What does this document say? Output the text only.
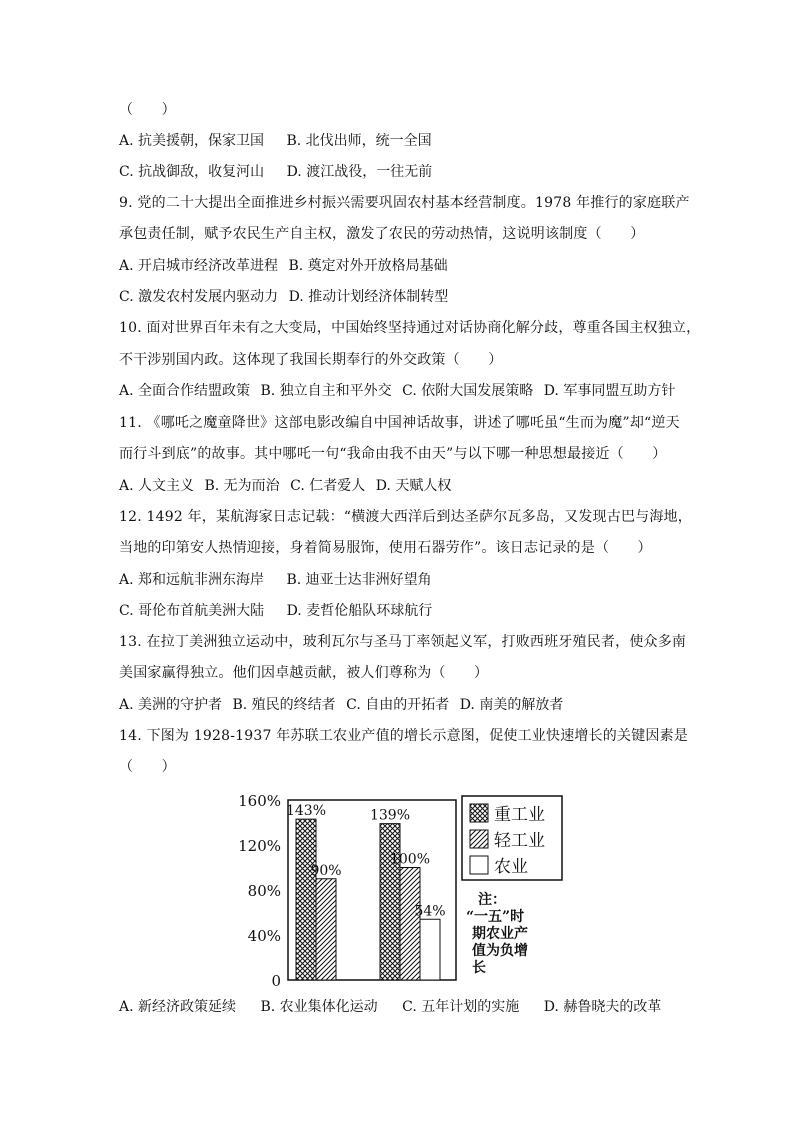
（　　）
A. 抗美援朝，保家卫国 B. 北伐出师，统一全国
C. 抗战御敌，收复河山 D. 渡江战役，一往无前
9. 党的二十大提出全面推进乡村振兴需要巩固农村基本经营制度。1978 年推行的家庭联产
承包责任制，赋予农民生产自主权，激发了农民的劳动热情，这说明该制度（　　）
A. 开启城市经济改革进程 B. 奠定对外开放格局基础
C. 激发农村发展内驱动力 D. 推动计划经济体制转型
10. 面对世界百年未有之大变局，中国始终坚持通过对话协商化解分歧，尊重各国主权独立，
不干涉别国内政。这体现了我国长期奉行的外交政策（　　）
A. 全面合作结盟政策 B. 独立自主和平外交 C. 依附大国发展策略 D. 军事同盟互助方针
11. 《哪吒之魔童降世》这部电影改编自中国神话故事，讲述了哪吒虽“生而为魔”却“逆天
而行斗到底”的故事。其中哪吒一句“我命由我不由天”与以下哪一种思想最接近（　　）
A. 人文主义 B. 无为而治 C. 仁者爱人 D. 天赋人权
12. 1492 年，某航海家日志记载：“横渡大西洋后到达圣萨尔瓦多岛，又发现古巴与海地，
当地的印第安人热情迎接，身着简易服饰，使用石器劳作”。该日志记录的是（　　）
A. 郑和远航非洲东海岸 B. 迪亚士达非洲好望角
C. 哥伦布首航美洲大陆 D. 麦哲伦船队环球航行
13. 在拉丁美洲独立运动中，玻利瓦尔与圣马丁率领起义军，打败西班牙殖民者，使众多南
美国家赢得独立。他们因卓越贡献，被人们尊称为（　　）
A. 美洲的守护者 B. 殖民的终结者 C. 自由的开拓者 D. 南美的解放者
14. 下图为 1928-1937 年苏联工农业产值的增长示意图，促使工业快速增长的关键因素是
（　　）
0
40%
80%
120%
160%
143%	139%
90%
100%
54%
重工业
轻工业
农业
注：
“一五”时
期农业产
值为负增
长
A. 新经济政策延续 B. 农业集体化运动 C. 五年计划的实施 D. 赫鲁晓夫的改革
